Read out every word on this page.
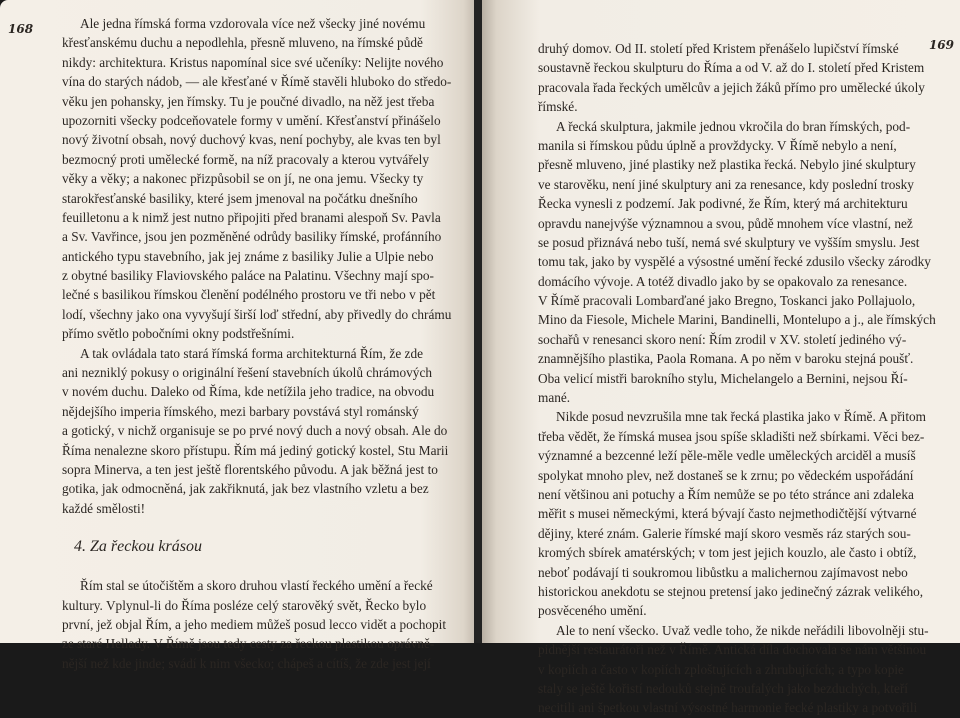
168	Ale jedna římská forma vzdorovala více než všecky jiné novému
křesťanskému duchu a nepodlehla, přesně mluveno, na římské půdě
nikdy: architektura. Kristus napomínal sice své učeníky: Nelijte nového
vína do starých nádob, — ale křesťané v Římě stavěli hluboko do středo-
věku jen pohansky, jen římsky. Tu je poučné divadlo, na něž jest třeba
upozorniti všecky podceňovatele formy v umění. Křesťanství přinášelo
nový životní obsah, nový duchový kvas, není pochyby, ale kvas ten byl
bezmocný proti umělecké formě, na níž pracovaly a kterou vytvářely
věky a věky; a nakonec přizpůsobil se on jí, ne ona jemu. Všecky ty
starokřesťanské basiliky, které jsem jmenoval na počátku dnešního
feuilletonu a k nimž jest nutno připojiti před branami alespoň Sv. Pavla
a Sv. Vavřince, jsou jen pozměněné odrůdy basiliky římské, profánního
antického typu stavebního, jak jej známe z basiliky Julie a Ulpie nebo
z obytné basiliky Flaviovského paláce na Palatinu. Všechny mají spo-
lečné s basilikou římskou členění podélného prostoru ve tři nebo v pět
lodí, všechny jako ona vyvyšují širší loď střední, aby přivedly do chrámu
přímo světlo pobočními okny podstřešními.
A tak ovládala tato stará římská forma architekturná Řím, že zde
ani nezniklý pokusy o originální řešení stavebních úkolů chrámových
v novém duchu. Daleko od Říma, kde netížila jeho tradice, na obvodu
nějdejšího imperia římského, mezi barbary povstává styl románský
a gotický, v nichž organisuje se po prvé nový duch a nový obsah. Ale do
Říma nenalezne skoro přístupu. Řím má jediný gotický kostel, Stu Marii
sopra Minerva, a ten jest ještě florentského původu. A jak běžná jest to
gotika, jak odmocněná, jak zakřiknutá, jak bez vlastního vzletu a bez
každé smělosti!
4. Za řeckou krásou
Řím stal se útočištěm a skoro druhou vlastí řeckého umění a řecké
kultury. Vplynul-li do Říma posléze celý starověký svět, Řecko bylo
první, jež objal Řím, a jeho mediem můžeš posud lecco vidět a pochopit
ze staré Hellady. V Římě jsou tedy cesty za řeckou plastikou oprávně-
nější než kde jinde; svádí k nim všecko; chápeš a cítíš, že zde jest její
169
druhý domov. Od II. století před Kristem přenášelo lupičství římské
soustavně řeckou skulpturu do Říma a od V. až do I. století před Kristem
pracovala řada řeckých umělcův a jejich žáků přímo pro umělecké úkoly
římské.
A řecká skulptura, jakmile jednou vkročila do bran římských, pod-
manila si římskou půdu úplně a provždycky. V Římě nebylo a není,
přesně mluveno, jiné plastiky než plastika řecká. Nebylo jiné skulptury
ve starověku, není jiné skulptury ani za renesance, kdy poslední trosky
Řecka vynesli z podzemí. Jak podivné, že Řím, který má architekturu
opravdu nanejvýše významnou a svou, půdě mnohem více vlastní, než
se posud přiznává nebo tuší, nemá své skulptury ve vyšším smyslu. Jest
tomu tak, jako by vyspělé a výsostné umění řecké zdusilo všecky zárodky
domácího vývoje. A totéž divadlo jako by se opakovalo za renesance.
V Římě pracovali Lombarďané jako Bregno, Toskanci jako Pollajuolo,
Mino da Fiesole, Michele Marini, Bandinelli, Montelupo a j., ale římských
sochařů v renesanci skoro není: Řím zrodil v XV. století jediného vý-
znamnějšího plastika, Paola Romana. A po něm v baroku stejná poušť.
Oba velicí mistři barokního stylu, Michelangelo a Bernini, nejsou Ří-
mané.
Nikde posud nevzrušila mne tak řecká plastika jako v Římě. A přitom
třeba vědět, že římská musea jsou spíše skladišti než sbírkami. Věci bez-
významné a bezcenné leží pěle-měle vedle uměleckých arciděl a musíš
spolykat mnoho plev, než dostaneš se k zrnu; po vědeckém uspořádání
není většinou ani potuchy a Řím nemůže se po této stránce ani zdaleka
měřit s musei německými, která bývají často nejmethodičtější výtvarné
dějiny, které znám. Galerie římské mají skoro vesměs ráz starých sou-
kromých sbírek amatérských; v tom jest jejich kouzlo, ale často i obtíž,
neboť podávají ti soukromou libůstku a malichernou zajímavost nebo
historickou anekdotu se stejnou pretensí jako jedinečný zázrak velikého,
posvěceného umění.
Ale to není všecko. Uvaž vedle toho, že nikde neřádili libovolněji stu-
pidnější restaurátoři než v Římě. Antická díla dochovala se nám většinou
v kopiích a často v kopiích zploštujících a zhrubujících; a typo kopie
staly se ještě kořistí nedouků stejně troufalých jako bezduchých, kteří
necitili ani špetkou vlastní výsostné harmonie řecké plastiky a potvořili
